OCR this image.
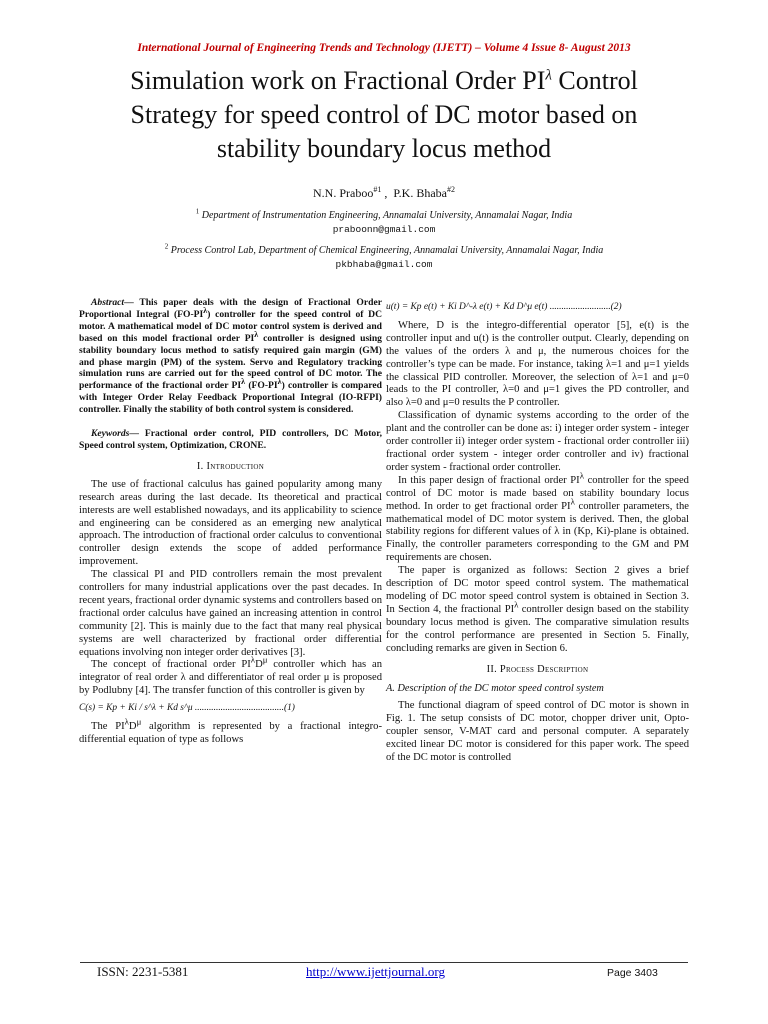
International Journal of Engineering Trends and Technology (IJETT) – Volume 4 Issue 8- August 2013
Simulation work on Fractional Order $PI^\lambda$ Control
Strategy for speed control of DC motor based on
stability boundary locus method
N.N. Praboo$^{\#1}$ ,  P.K. Bhaba$^{\#2}$
$^1$ Department of Instrumentation Engineering, Annamalai University, Annamalai Nagar, India
praboonn@gmail.com
$^2$ Process Control Lab, Department of Chemical Engineering, Annamalai University, Annamalai Nagar, India
pkbhaba@gmail.com

Abstract— This paper deals with the design of Fractional Order Proportional Integral $(FO-PI^\lambda)$ controller for the speed control of DC motor. A mathematical model of DC motor control system is derived and based on this model fractional order $PI^\lambda$ controller is designed using stability boundary locus method to satisfy required gain margin (GM) and phase margin (PM) of the system. Servo and Regulatory tracking simulation runs are carried out for the speed control of DC motor. The performance of the fractional order $PI^\lambda$ $(FO-PI^\lambda)$ controller is compared with Integer Order Relay Feedback Proportional Integral (IO-RFPI) controller. Finally the stability of both control system is considered.

Keywords— Fractional order control, PID controllers, DC Motor, Speed control system, Optimization, CRONE.

I. Introduction

The use of fractional calculus has gained popularity among many research areas during the last decade. Its theoretical and practical interests are well established nowadays, and its applicability to science and engineering can be considered as an emerging new analytical approach. The introduction of fractional order calculus to conventional controller design extends the scope of added performance improvement.

The classical PI and PID controllers remain the most prevalent controllers for many industrial applications over the past decades. In recent years, fractional order dynamic systems and controllers based on fractional order calculus have gained an increasing attention in control community [2]. This is mainly due to the fact that many real physical systems are well characterized by fractional order differential equations involving non integer order derivatives [3].

The concept of fractional order $PI^\lambda D^\mu$ controller which has an integrator of real order λ and differentiator of real order μ is proposed by Podlubny [4]. The transfer function of this controller is given by

C(s) = Kp + Ki / s^λ + Kd s^μ ......................................(1)

The $PI^\lambda D^\mu$ algorithm is represented by a fractional integro-differential equation of type as follows

u(t) = Kp e(t) + Ki D^-λ e(t) + Kd D^μ e(t) ..........................(2)

Where, D is the integro-differential operator [5], e(t) is the controller input and u(t) is the controller output. Clearly, depending on the values of the orders λ and μ, the numerous choices for the controller’s type can be made. For instance, taking λ=1 and μ=1 yields the classical PID controller. Moreover, the selection of λ=1 and μ=0 leads to the PI controller, λ=0 and μ=1 gives the PD controller, and also λ=0 and μ=0 results the P controller.

Classification of dynamic systems according to the order of the plant and the controller can be done as: i) integer order system - integer order controller ii) integer order system - fractional order controller iii) fractional order system - integer order controller and iv) fractional order system - fractional order controller.

In this paper design of fractional order $PI^\lambda$ controller for the speed control of DC motor is made based on stability boundary locus method. In order to get fractional order $PI^\lambda$ controller parameters, the mathematical model of DC motor system is derived. Then, the global stability regions for different values of λ in (Kp, Ki)-plane is obtained. Finally, the controller parameters corresponding to the GM and PM requirements are chosen.

The paper is organized as follows: Section 2 gives a brief description of DC motor speed control system. The mathematical modeling of DC motor speed control system is obtained in Section 3. In Section 4, the fractional $PI^\lambda$ controller design based on the stability boundary locus method is given. The comparative simulation results for the control performance are presented in Section 5. Finally, concluding remarks are given in Section 6.

II. Process Description

A. Description of the DC motor speed control system

The functional diagram of speed control of DC motor is shown in Fig. 1. The setup consists of DC motor, chopper driver unit, Opto-coupler sensor, V-MAT card and personal computer. A separately excited linear DC motor is considered for this paper work. The speed of the DC motor is controlled

ISSN: 2231-5381	http://www.ijettjournal.org	Page 3403
